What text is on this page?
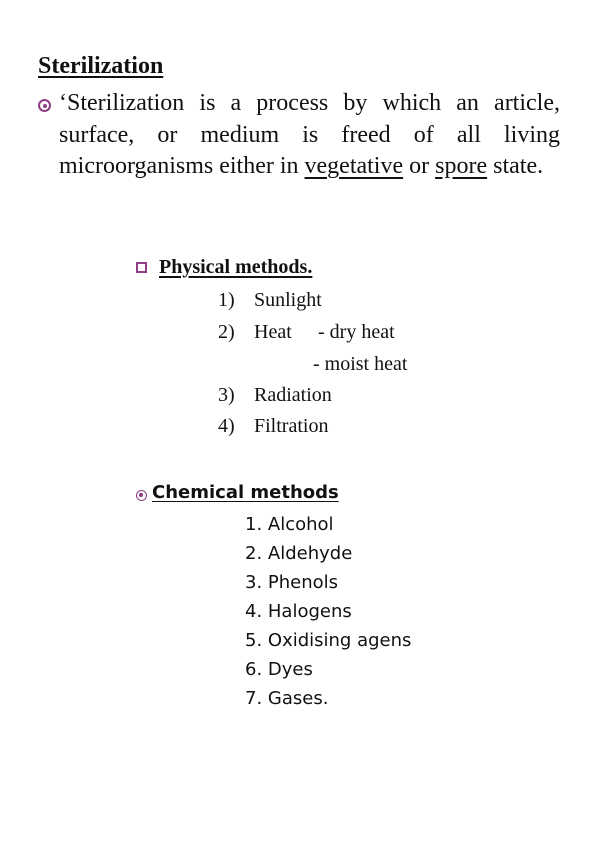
Sterilization
‘Sterilization is a process by which an article, surface, or medium is freed of all living microorganisms either in vegetative or spore state.
Physical methods.
1) Sunlight
2) Heat - dry heat
- moist heat
3) Radiation
4) Filtration
Chemical methods
1. Alcohol
2. Aldehyde
3. Phenols
4. Halogens
5. Oxidising agens
6. Dyes
7. Gases.
